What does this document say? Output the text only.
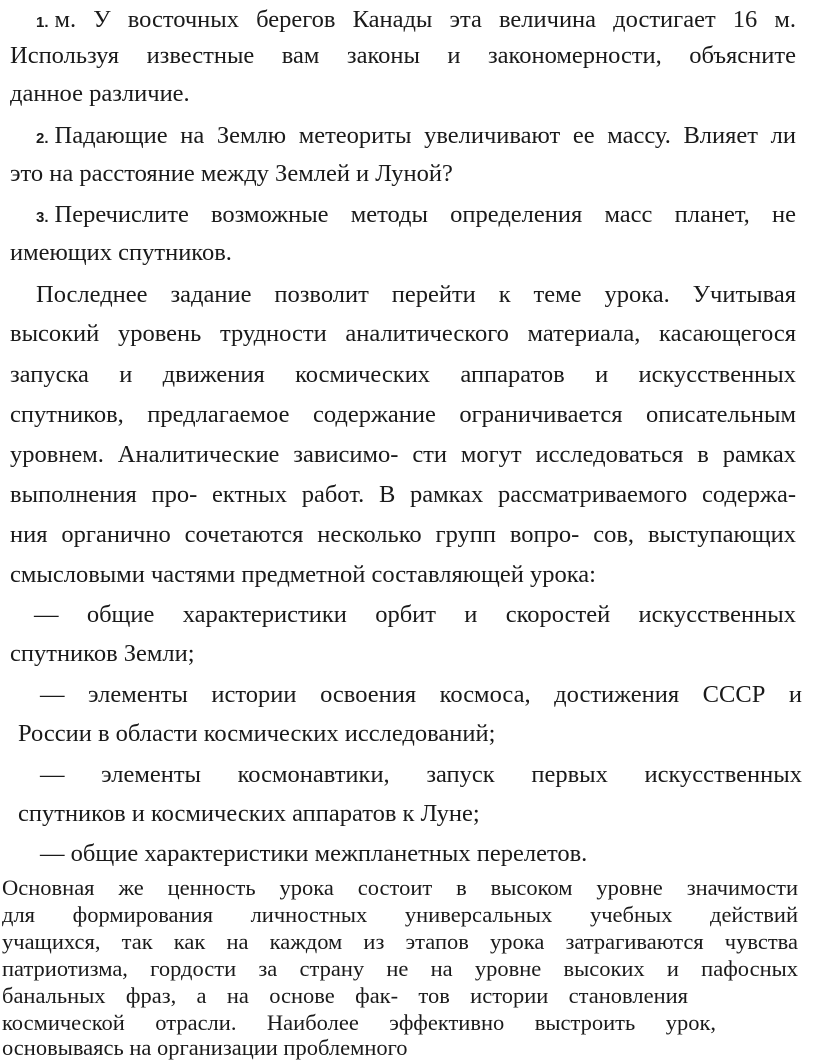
1. м. У восточных берегов Канады эта величина достигает 16 м.
Используя известные вам законы и закономерности, объясните
данное различие.
2. Падающие на Землю метеориты увеличивают ее массу. Влияет ли
это на расстояние между Землей и Луной?
3. Перечислите возможные методы определения масс планет, не
имеющих спутников.
Последнее задание позволит перейти к теме урока. Учитывая
высокий уровень трудности аналитического материала, касающегося
запуска и движения космических аппаратов и искусственных
спутников, предлагаемое содержание ограничивается описательным
уровнем. Аналитические зависимо- сти могут исследоваться в рамках
выполнения про- ектных работ. В рамках рассматриваемого содержа-
ния органично сочетаются несколько групп вопро- сов, выступающих
смысловыми частями предметной составляющей урока:
— общие характеристики орбит и скоростей искусственных
спутников Земли;
— элементы истории освоения космоса, достижения СССР и
России в области космических исследований;
— элементы космонавтики, запуск первых искусственных
спутников и космических аппаратов к Луне;
— общие характеристики межпланетных перелетов.
Основная же ценность урока состоит в высоком уровне значимости
для формирования личностных универсальных учебных действий
учащихся, так как на каждом из этапов урока затрагиваются чувства
патриотизма, гордости за страну не на уровне высоких и пафосных
банальных фраз, а на основе фак- тов истории становления
космической отрасли. Наиболее эффективно выстроить урок,
основываясь на организации проблемного
